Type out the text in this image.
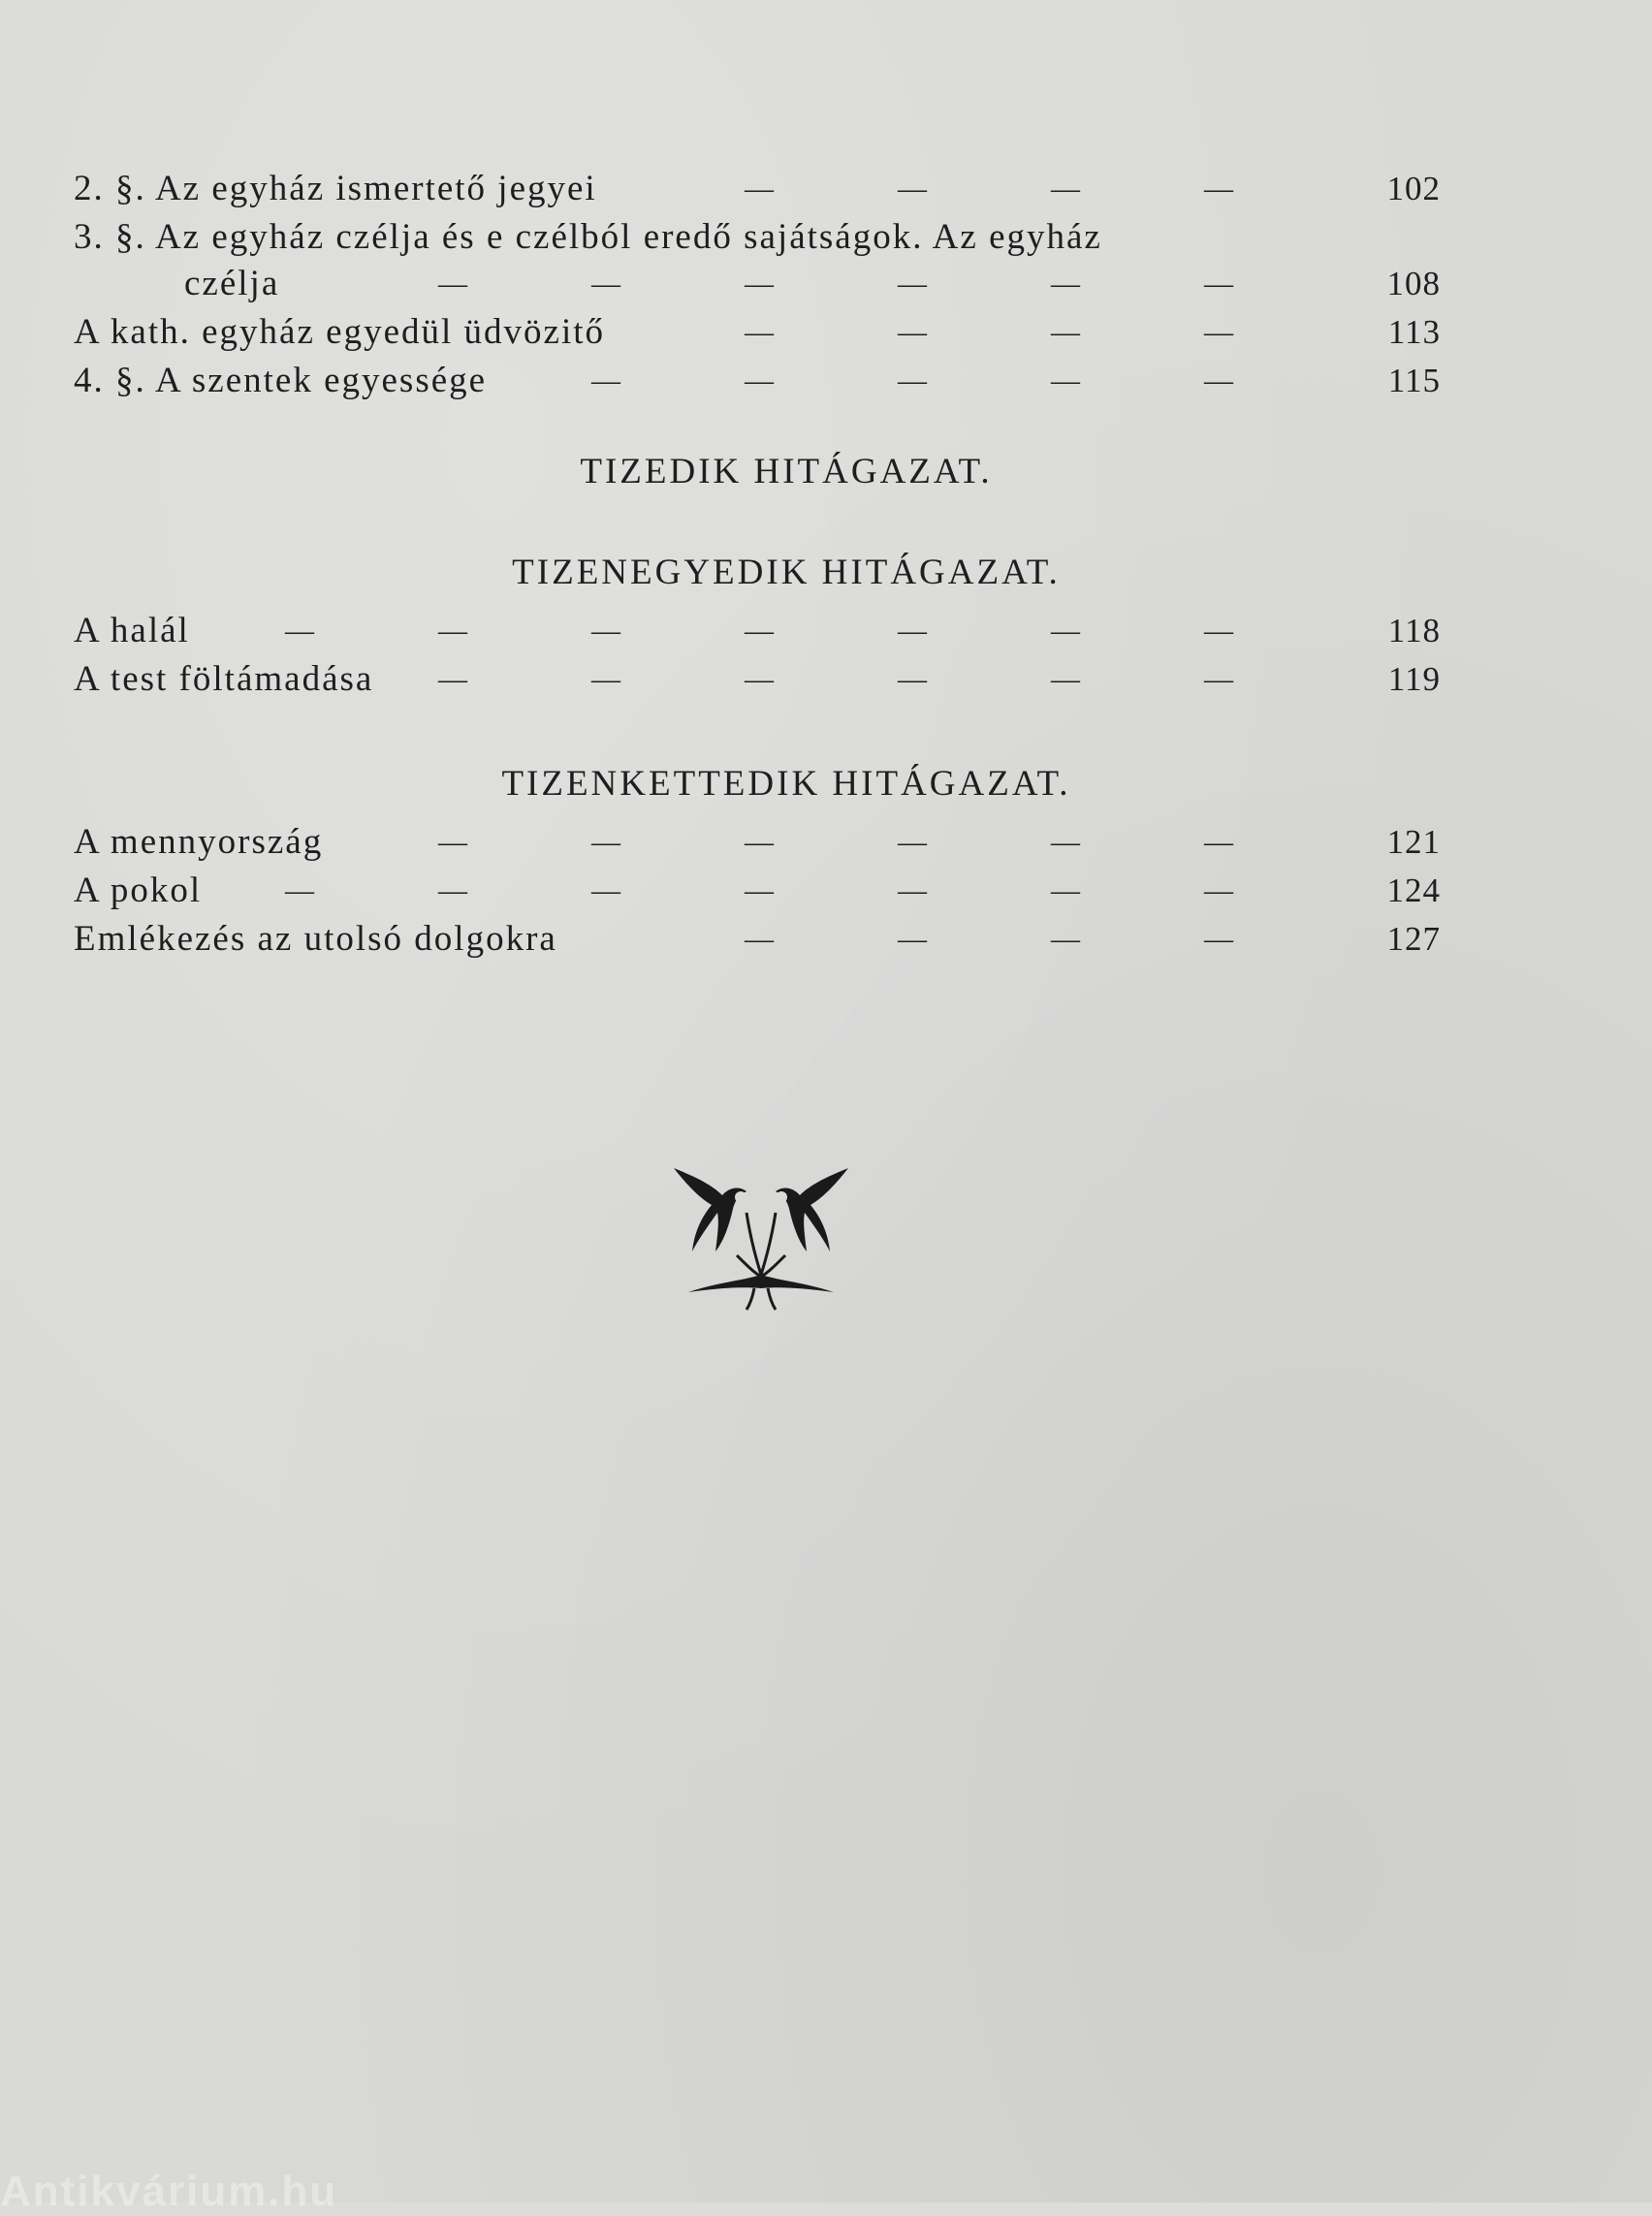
2. §. Az egyház ismertető jegyei	—	—	—	—	102
3. §. Az egyház czélja és e czélból eredő sajátságok. Az egyház
czélja	—	—	—	—	—	—	108
A kath. egyház egyedül üdvözitő	—	—	—	—	113
4. §. A szentek egyessége	—	—	—	—	—	115
TIZEDIK HITÁGAZAT.
TIZENEGYEDIK HITÁGAZAT.
A halál	—	—	—	—	—	—	—	118
A test föltámadása	—	—	—	—	—	—	119
TIZENKETTEDIK HITÁGAZAT.
A mennyország	—	—	—	—	—	—	121
A pokol	—	—	—	—	—	—	—	124
Emlékezés az utolsó dolgokra	—	—	—	—	127
Antikvárium.hu
